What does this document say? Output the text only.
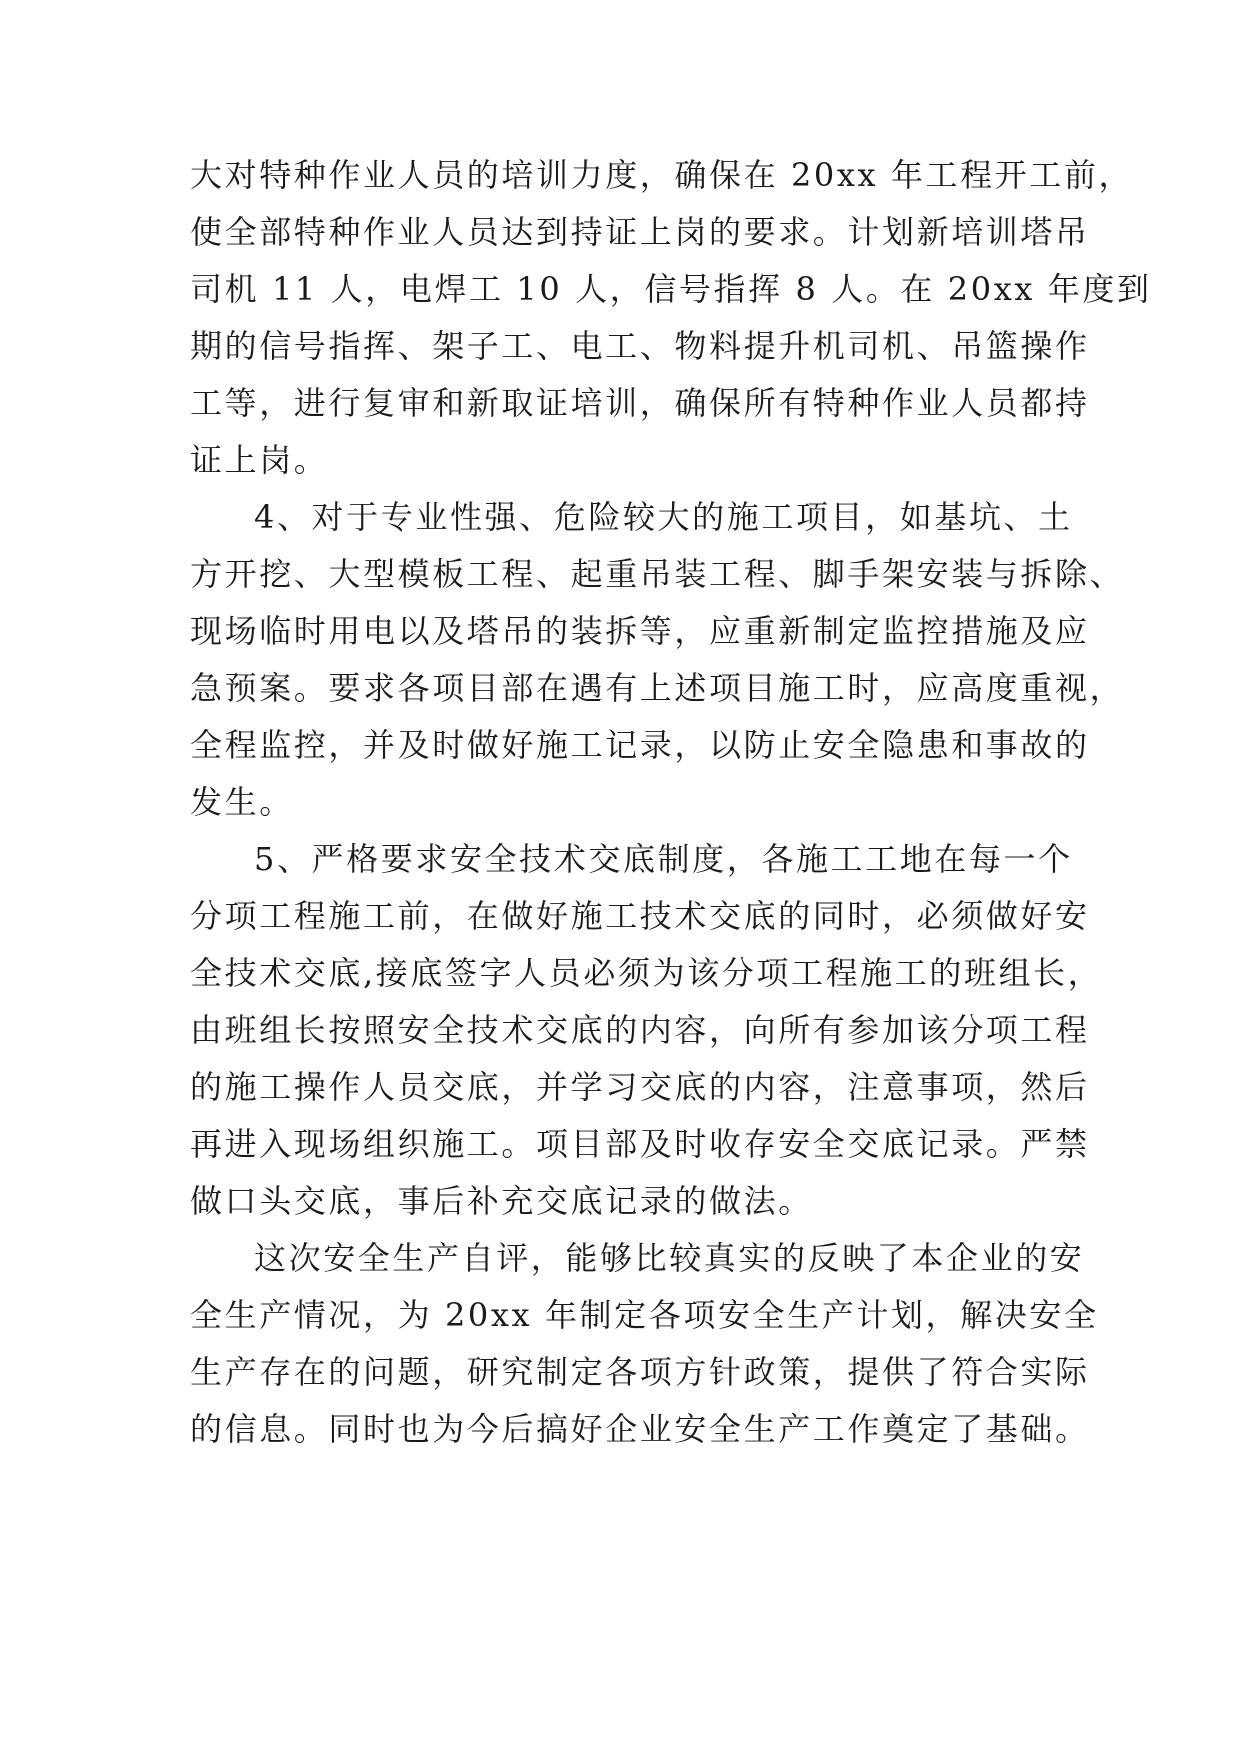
大对特种作业人员的培训力度，确保在 20xx 年工程开工前，
使全部特种作业人员达到持证上岗的要求。计划新培训塔吊
司机 11 人，电焊工 10 人，信号指挥 8 人。在 20xx 年度到
期的信号指挥、架子工、电工、物料提升机司机、吊篮操作
工等，进行复审和新取证培训，确保所有特种作业人员都持
证上岗。
4、对于专业性强、危险较大的施工项目，如基坑、土
方开挖、大型模板工程、起重吊装工程、脚手架安装与拆除、
现场临时用电以及塔吊的装拆等，应重新制定监控措施及应
急预案。要求各项目部在遇有上述项目施工时，应高度重视，
全程监控，并及时做好施工记录，以防止安全隐患和事故的
发生。
5、严格要求安全技术交底制度，各施工工地在每一个
分项工程施工前，在做好施工技术交底的同时，必须做好安
全技术交底,接底签字人员必须为该分项工程施工的班组长，
由班组长按照安全技术交底的内容，向所有参加该分项工程
的施工操作人员交底，并学习交底的内容，注意事项，然后
再进入现场组织施工。项目部及时收存安全交底记录。严禁
做口头交底，事后补充交底记录的做法。
这次安全生产自评，能够比较真实的反映了本企业的安
全生产情况，为 20xx 年制定各项安全生产计划，解决安全
生产存在的问题，研究制定各项方针政策，提供了符合实际
的信息。同时也为今后搞好企业安全生产工作奠定了基础。
